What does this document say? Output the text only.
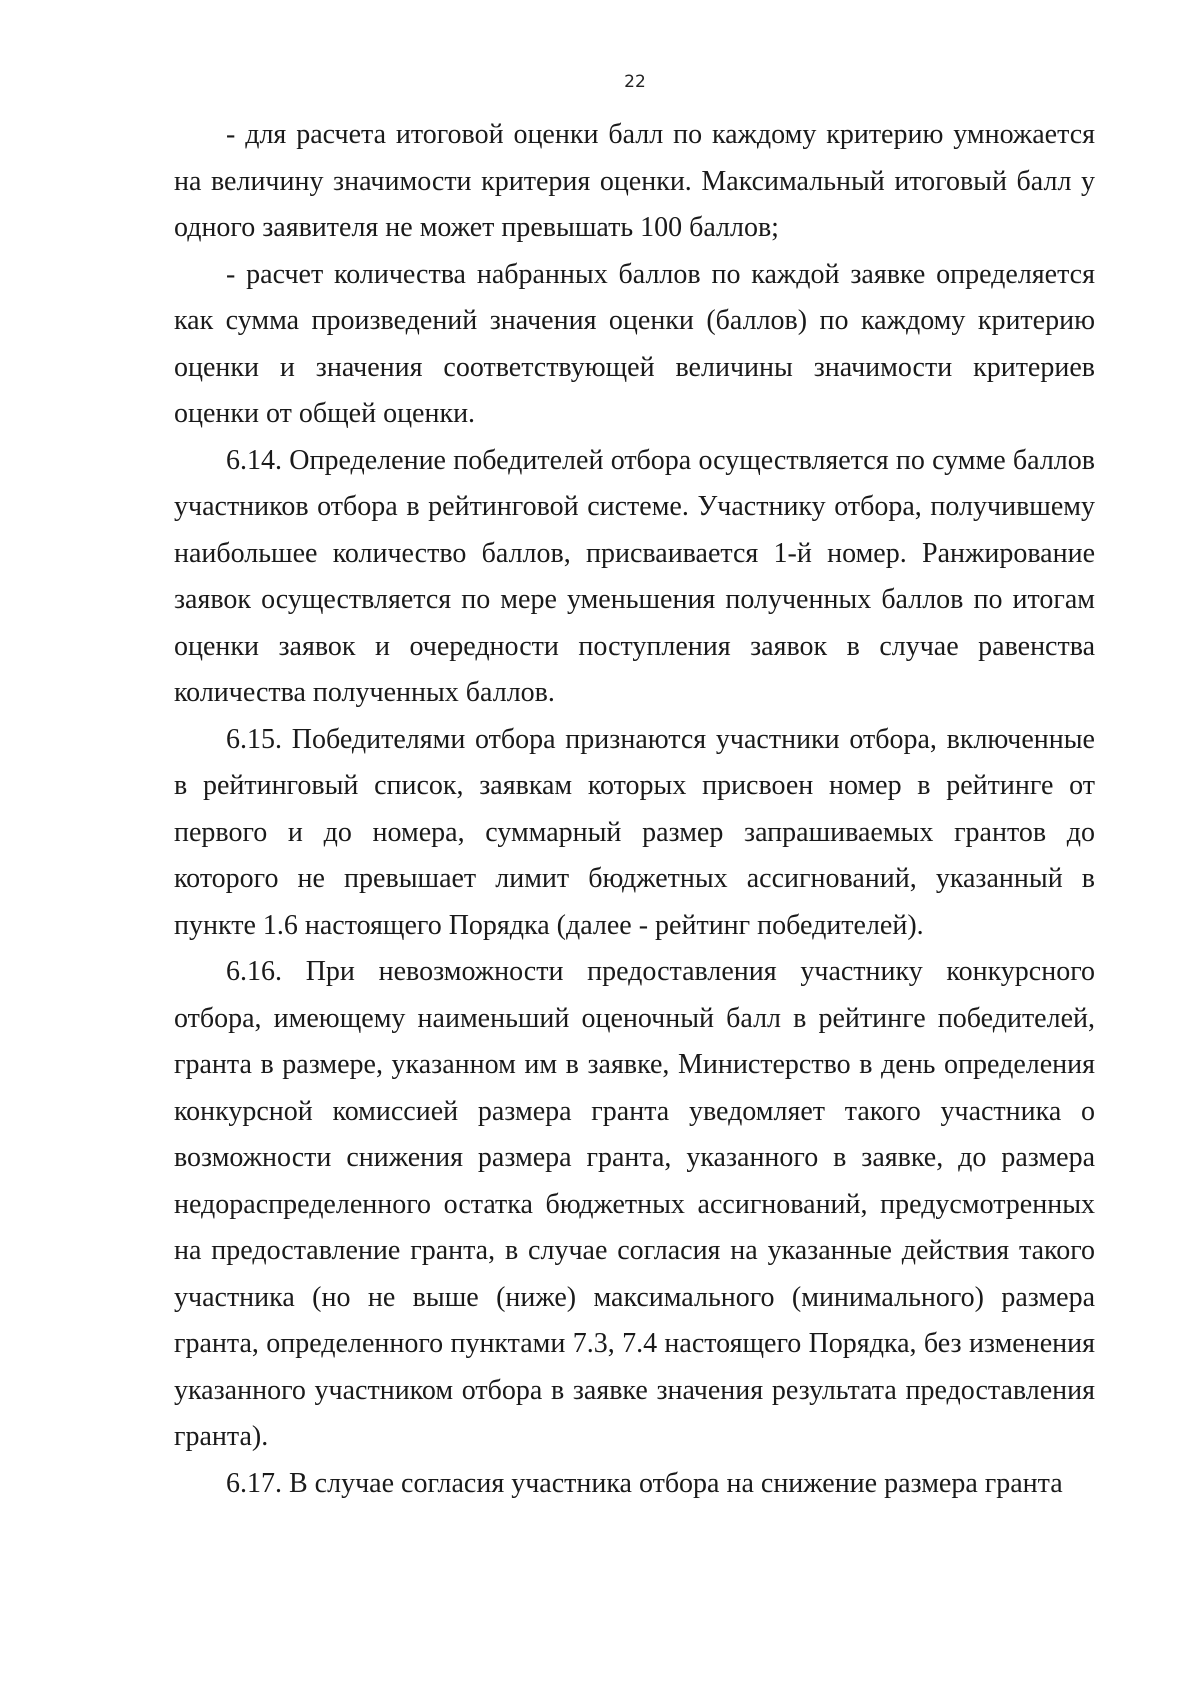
22

- для расчета итоговой оценки балл по каждому критерию умножается на величину значимости критерия оценки. Максимальный итоговый балл у одного заявителя не может превышать 100 баллов;

- расчет количества набранных баллов по каждой заявке определяется как сумма произведений значения оценки (баллов) по каждому критерию оценки и значения соответствующей величины значимости критериев оценки от общей оценки.

6.14. Определение победителей отбора осуществляется по сумме баллов участников отбора в рейтинговой системе. Участнику отбора, получившему наибольшее количество баллов, присваивается 1-й номер. Ранжирование заявок осуществляется по мере уменьшения полученных баллов по итогам оценки заявок и очередности поступления заявок в случае равенства количества полученных баллов.

6.15. Победителями отбора признаются участники отбора, включенные в рейтинговый список, заявкам которых присвоен номер в рейтинге от первого и до номера, суммарный размер запрашиваемых грантов до которого не превышает лимит бюджетных ассигнований, указанный в пункте 1.6 настоящего Порядка (далее - рейтинг победителей).

6.16. При невозможности предоставления участнику конкурсного отбора, имеющему наименьший оценочный балл в рейтинге победителей, гранта в размере, указанном им в заявке, Министерство в день определения конкурсной комиссией размера гранта уведомляет такого участника о возможности снижения размера гранта, указанного в заявке, до размера недораспределенного остатка бюджетных ассигнований, предусмотренных на предоставление гранта, в случае согласия на указанные действия такого участника (но не выше (ниже) максимального (минимального) размера гранта, определенного пунктами 7.3, 7.4 настоящего Порядка, без изменения указанного участником отбора в заявке значения результата предоставления гранта).

6.17. В случае согласия участника отбора на снижение размера гранта
